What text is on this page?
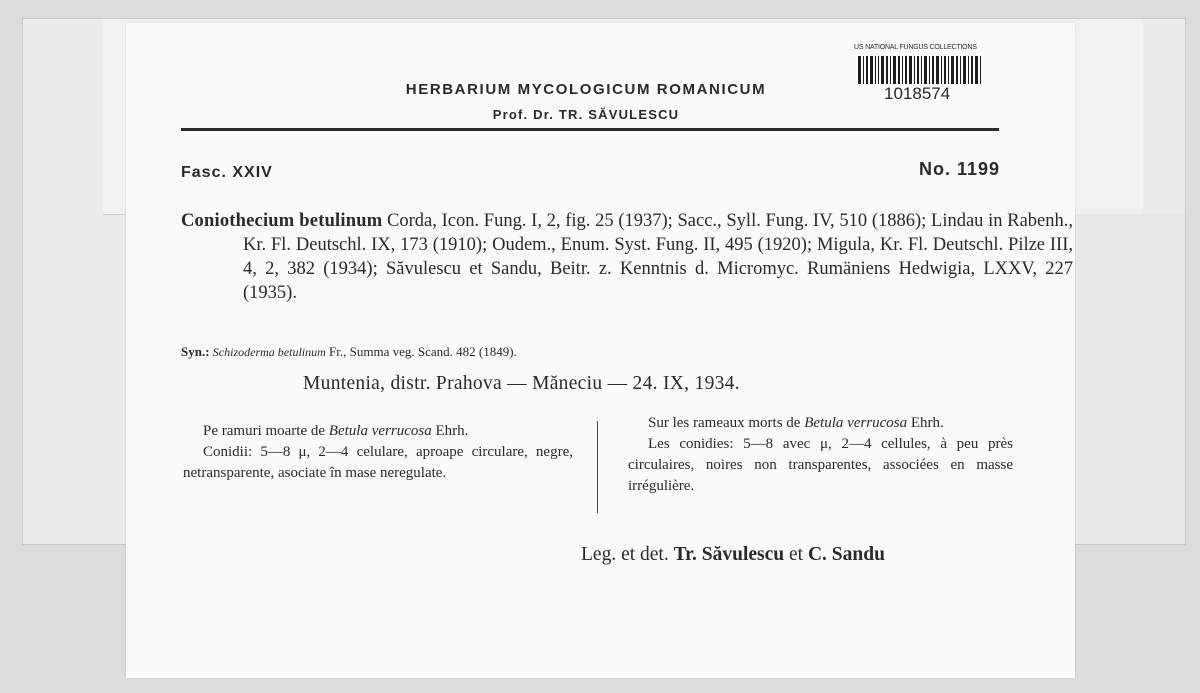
HERBARIUM MYCOLOGICUM ROMANICUM
Prof. Dr. TR. SĂVULESCU
US NATIONAL FUNGUS COLLECTIONS
1018574
Fasc. XXIV	No. 1199
Coniothecium betulinum Corda, Icon. Fung. I, 2, fig. 25 (1937); Sacc., Syll. Fung. IV, 510 (1886); Lindau in Rabenh., Kr. Fl. Deutschl. IX, 173 (1910); Oudem., Enum. Syst. Fung. II, 495 (1920); Migula, Kr. Fl. Deutschl. Pilze III, 4, 2, 382 (1934); Săvulescu et Sandu, Beitr. z. Kenntnis d. Micromyc. Rumäniens Hedwigia, LXXV, 227 (1935).
Syn.: Schizoderma betulinum Fr., Summa veg. Scand. 482 (1849).
Muntenia, distr. Prahova — Măneciu — 24. IX, 1934.

Pe ramuri moarte de Betula verrucosa Ehrh.

Conidii: 5—8 μ, 2—4 celulare, aproape circulare, negre, netransparente, asociate în mase neregulate.

Sur les rameaux morts de Betula verrucosa Ehrh.

Les conidies: 5—8 avec μ, 2—4 cellules, à peu près circulaires, noires non transparentes, associées en masse irrégulière.

Leg. et det. Tr. Săvulescu et C. Sandu
